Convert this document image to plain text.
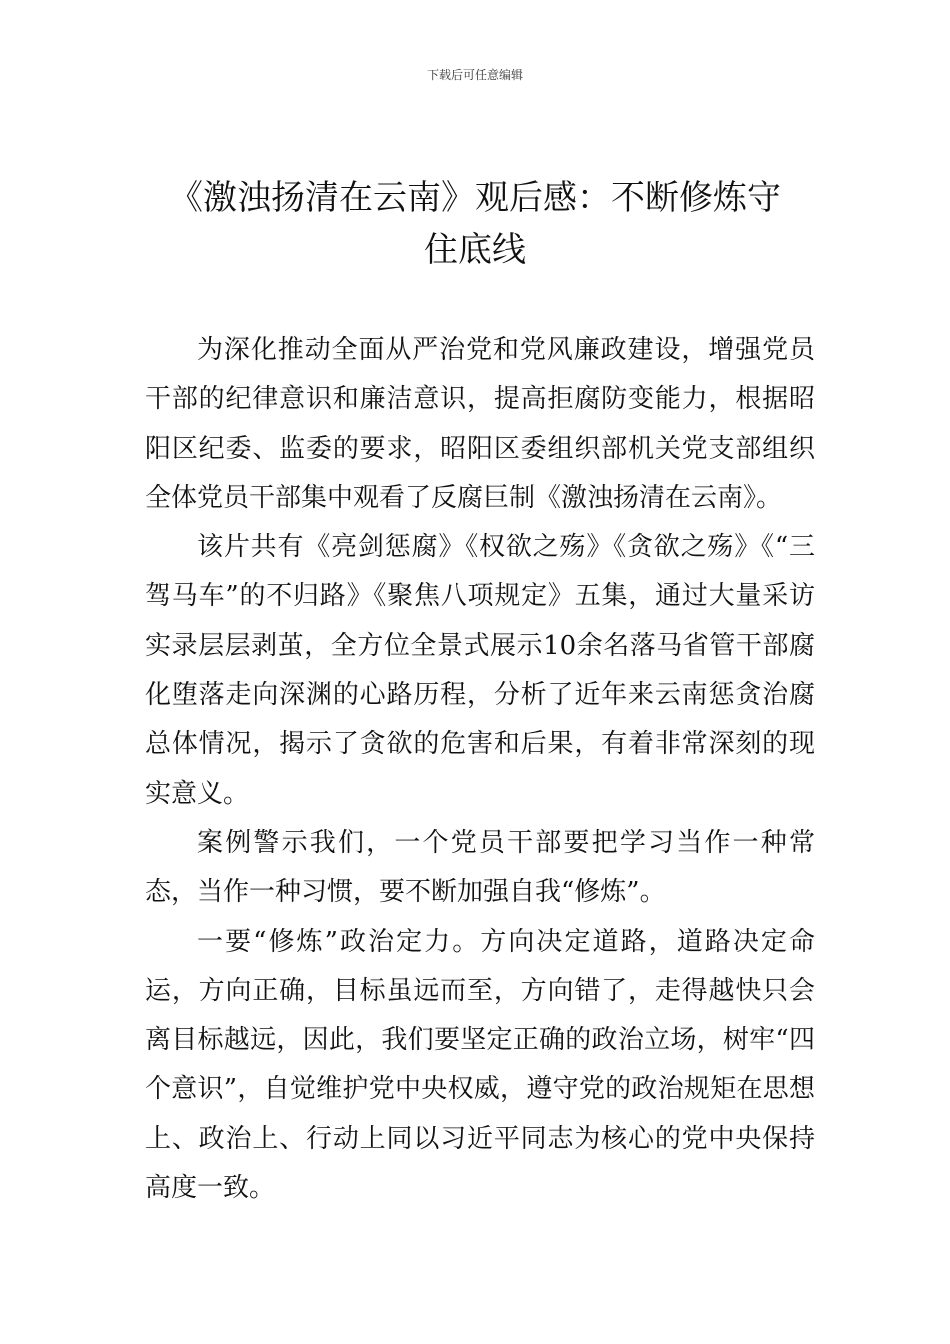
下载后可任意编辑
《激浊扬清在云南》观后感：不断修炼守
住底线

为深化推动全面从严治党和党风廉政建设，增强党员干部的纪律意识和廉洁意识，提高拒腐防变能力，根据昭阳区纪委、监委的要求，昭阳区委组织部机关党支部组织全体党员干部集中观看了反腐巨制《激浊扬清在云南》。

该片共有《亮剑惩腐》《权欲之殇》《贪欲之殇》《“三驾马车”的不归路》《聚焦八项规定》五集，通过大量采访实录层层剥茧，全方位全景式展示10余名落马省管干部腐化堕落走向深渊的心路历程，分析了近年来云南惩贪治腐总体情况，揭示了贪欲的危害和后果，有着非常深刻的现实意义。

案例警示我们，一个党员干部要把学习当作一种常态，当作一种习惯，要不断加强自我“修炼”。

一要“修炼”政治定力。方向决定道路，道路决定命运，方向正确，目标虽远而至，方向错了，走得越快只会离目标越远，因此，我们要坚定正确的政治立场，树牢“四个意识”，自觉维护党中央权威，遵守党的政治规矩在思想上、政治上、行动上同以习近平同志为核心的党中央保持高度一致。
